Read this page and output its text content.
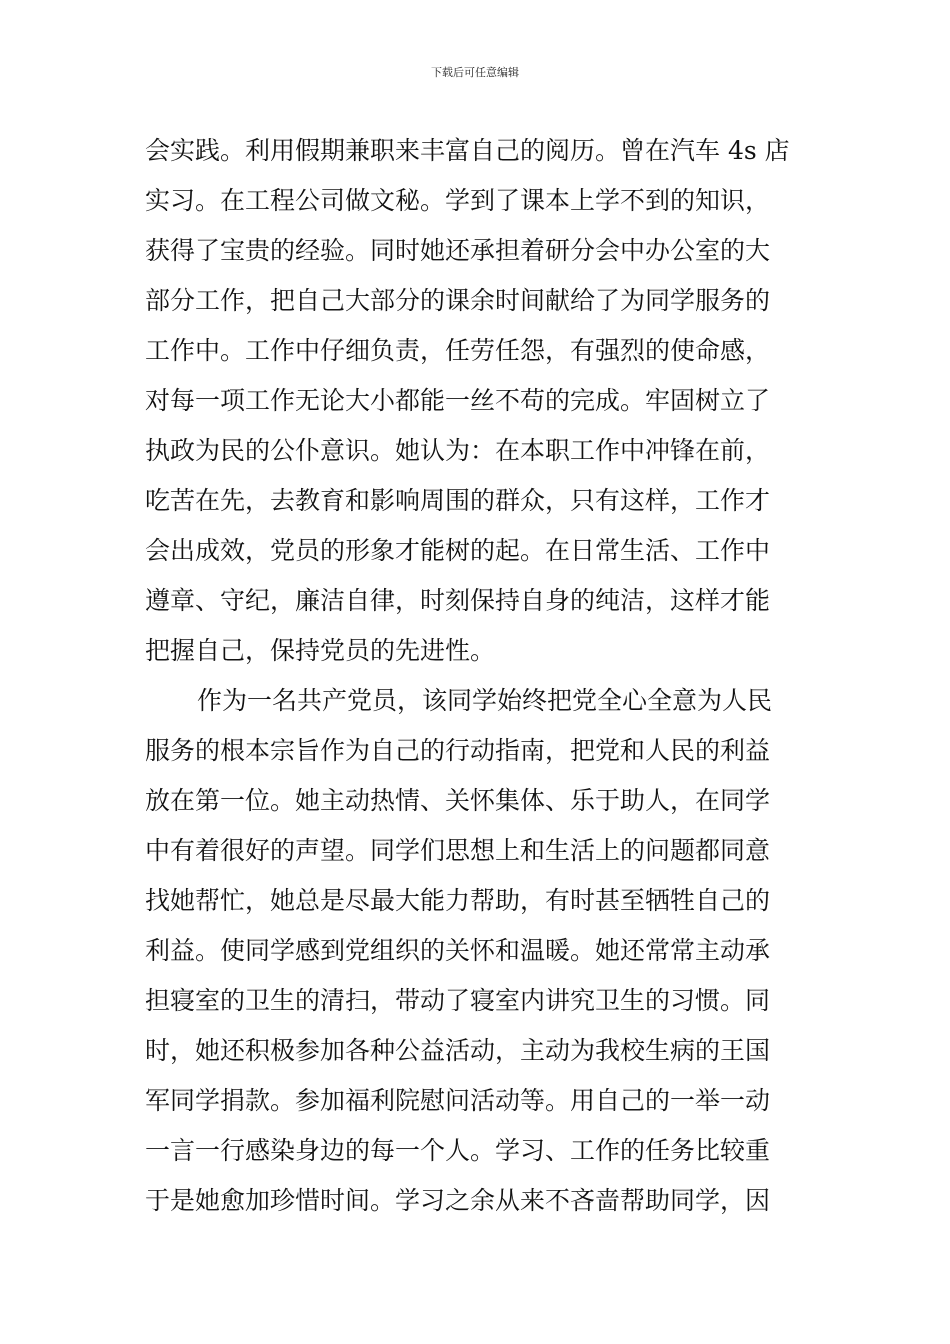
下载后可任意编辑
会实践。利用假期兼职来丰富自己的阅历。曾在汽车 4s 店
实习。在工程公司做文秘。学到了课本上学不到的知识，
获得了宝贵的经验。同时她还承担着研分会中办公室的大
部分工作，把自己大部分的课余时间献给了为同学服务的
工作中。工作中仔细负责，任劳任怨，有强烈的使命感，
对每一项工作无论大小都能一丝不苟的完成。牢固树立了
执政为民的公仆意识。她认为：在本职工作中冲锋在前，
吃苦在先，去教育和影响周围的群众，只有这样，工作才
会出成效，党员的形象才能树的起。在日常生活、工作中
遵章、守纪，廉洁自律，时刻保持自身的纯洁，这样才能
把握自己，保持党员的先进性。
作为一名共产党员，该同学始终把党全心全意为人民
服务的根本宗旨作为自己的行动指南，把党和人民的利益
放在第一位。她主动热情、关怀集体、乐于助人，在同学
中有着很好的声望。同学们思想上和生活上的问题都同意
找她帮忙，她总是尽最大能力帮助，有时甚至牺牲自己的
利益。使同学感到党组织的关怀和温暖。她还常常主动承
担寝室的卫生的清扫，带动了寝室内讲究卫生的习惯。同
时，她还积极参加各种公益活动，主动为我校生病的王国
军同学捐款。参加福利院慰问活动等。用自己的一举一动
一言一行感染身边的每一个人。学习、工作的任务比较重
于是她愈加珍惜时间。学习之余从来不吝啬帮助同学，因
